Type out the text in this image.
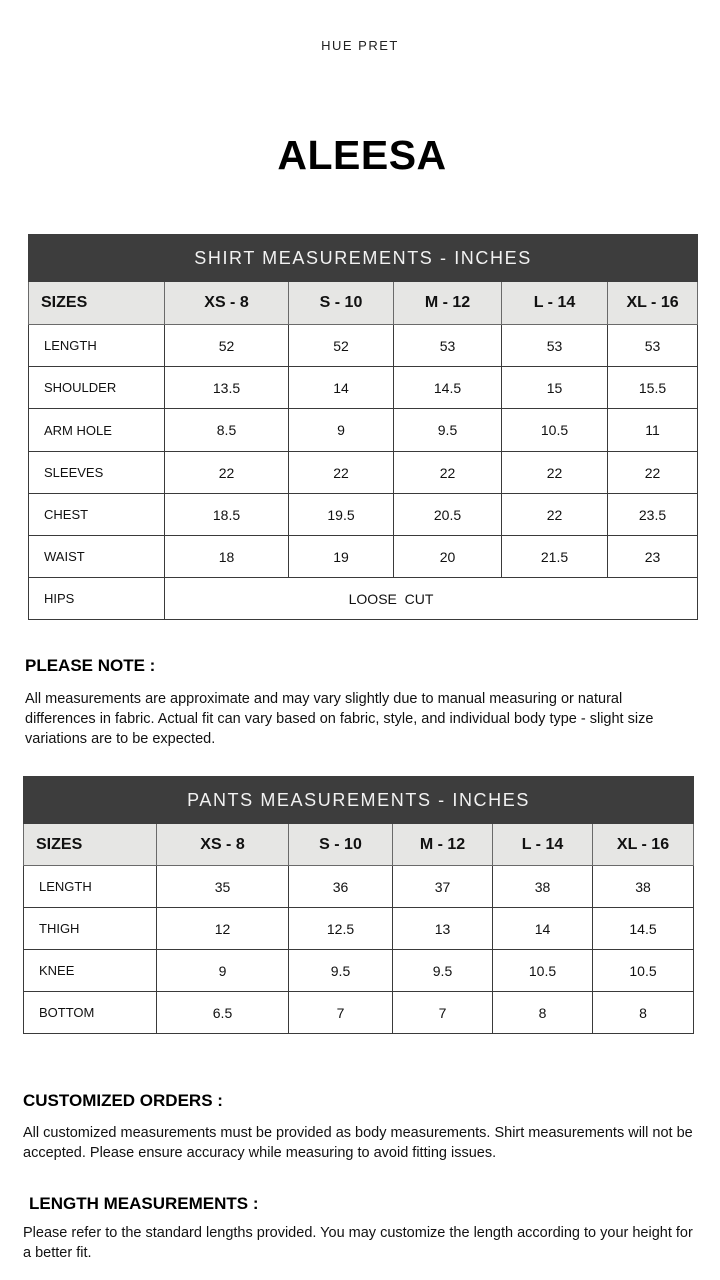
HUE PRET
ALEESA
SHIRT MEASUREMENTS - INCHES					
SIZES	XS - 8	S - 10	M - 12	L - 14	XL - 16
LENGTH	52	52	53	53	53
SHOULDER	13.5	14	14.5	15	15.5
ARM HOLE	8.5	9	9.5	10.5	11
SLEEVES	22	22	22	22	22
CHEST	18.5	19.5	20.5	22	23.5
WAIST	18	19	20	21.5	23
HIPS	LOOSE  CUT				
PLEASE NOTE :
All measurements are approximate and may vary slightly due to manual measuring or natural differences in fabric. Actual fit can vary based on fabric, style, and individual body type - slight size variations are to be expected.
PANTS MEASUREMENTS - INCHES					
SIZES	XS - 8	S - 10	M - 12	L - 14	XL - 16
LENGTH	35	36	37	38	38
THIGH	12	12.5	13	14	14.5
KNEE	9	9.5	9.5	10.5	10.5
BOTTOM	6.5	7	7	8	8
CUSTOMIZED ORDERS :
All customized measurements must be provided as body measurements. Shirt measurements will not be accepted. Please ensure accuracy while measuring to avoid fitting issues.
LENGTH MEASUREMENTS :
Please refer to the standard lengths provided. You may customize the length according to your height for a better fit.
